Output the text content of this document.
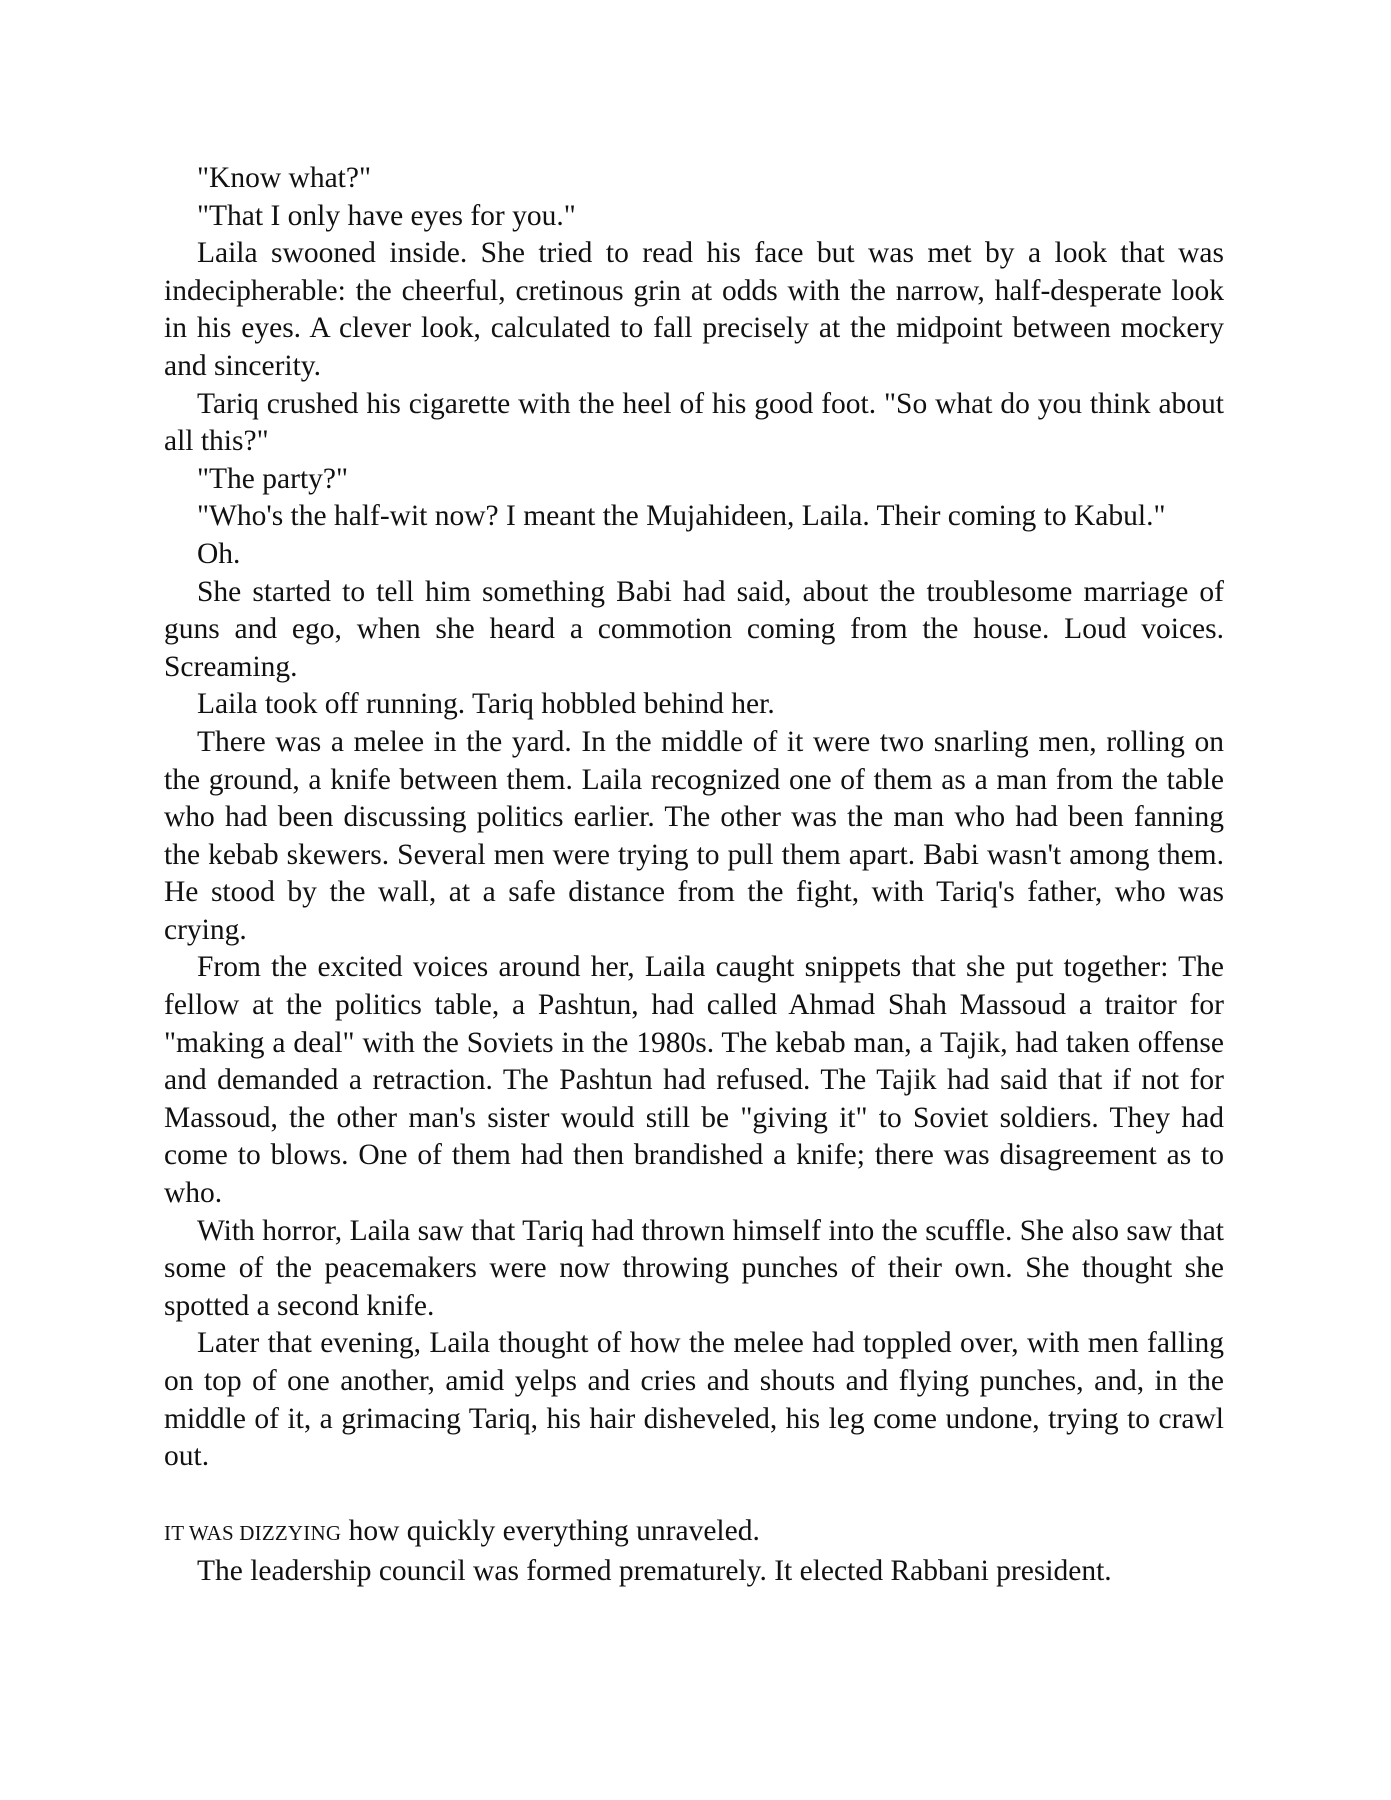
"Know what?"

"That I only have eyes for you."

Laila swooned inside. She tried to read his face but was met by a look that was indecipherable: the cheerful, cretinous grin at odds with the narrow, half-desperate look in his eyes. A clever look, calculated to fall precisely at the midpoint between mockery and sincerity.

Tariq crushed his cigarette with the heel of his good foot. "So what do you think about all this?"

"The party?"

"Who's the half-wit now? I meant the Mujahideen, Laila. Their coming to Kabul."

Oh.

She started to tell him something Babi had said, about the troublesome marriage of guns and ego, when she heard a commotion coming from the house. Loud voices. Screaming.

Laila took off running. Tariq hobbled behind her.

There was a melee in the yard. In the middle of it were two snarling men, rolling on the ground, a knife between them. Laila recognized one of them as a man from the table who had been discussing politics earlier. The other was the man who had been fanning the kebab skewers. Several men were trying to pull them apart. Babi wasn't among them. He stood by the wall, at a safe distance from the fight, with Tariq's father, who was crying.

From the excited voices around her, Laila caught snippets that she put together: The fellow at the politics table, a Pashtun, had called Ahmad Shah Massoud a traitor for "making a deal" with the Soviets in the 1980s. The kebab man, a Tajik, had taken offense and demanded a retraction. The Pashtun had refused. The Tajik had said that if not for Massoud, the other man's sister would still be "giving it" to Soviet soldiers. They had come to blows. One of them had then brandished a knife; there was disagreement as to who.

With horror, Laila saw that Tariq had thrown himself into the scuffle. She also saw that some of the peacemakers were now throwing punches of their own. She thought she spotted a second knife.

Later that evening, Laila thought of how the melee had toppled over, with men falling on top of one another, amid yelps and cries and shouts and flying punches, and, in the middle of it, a grimacing Tariq, his hair disheveled, his leg come undone, trying to crawl out.

IT WAS DIZZYING how quickly everything unraveled.

The leadership council was formed prematurely. It elected Rabbani president.
